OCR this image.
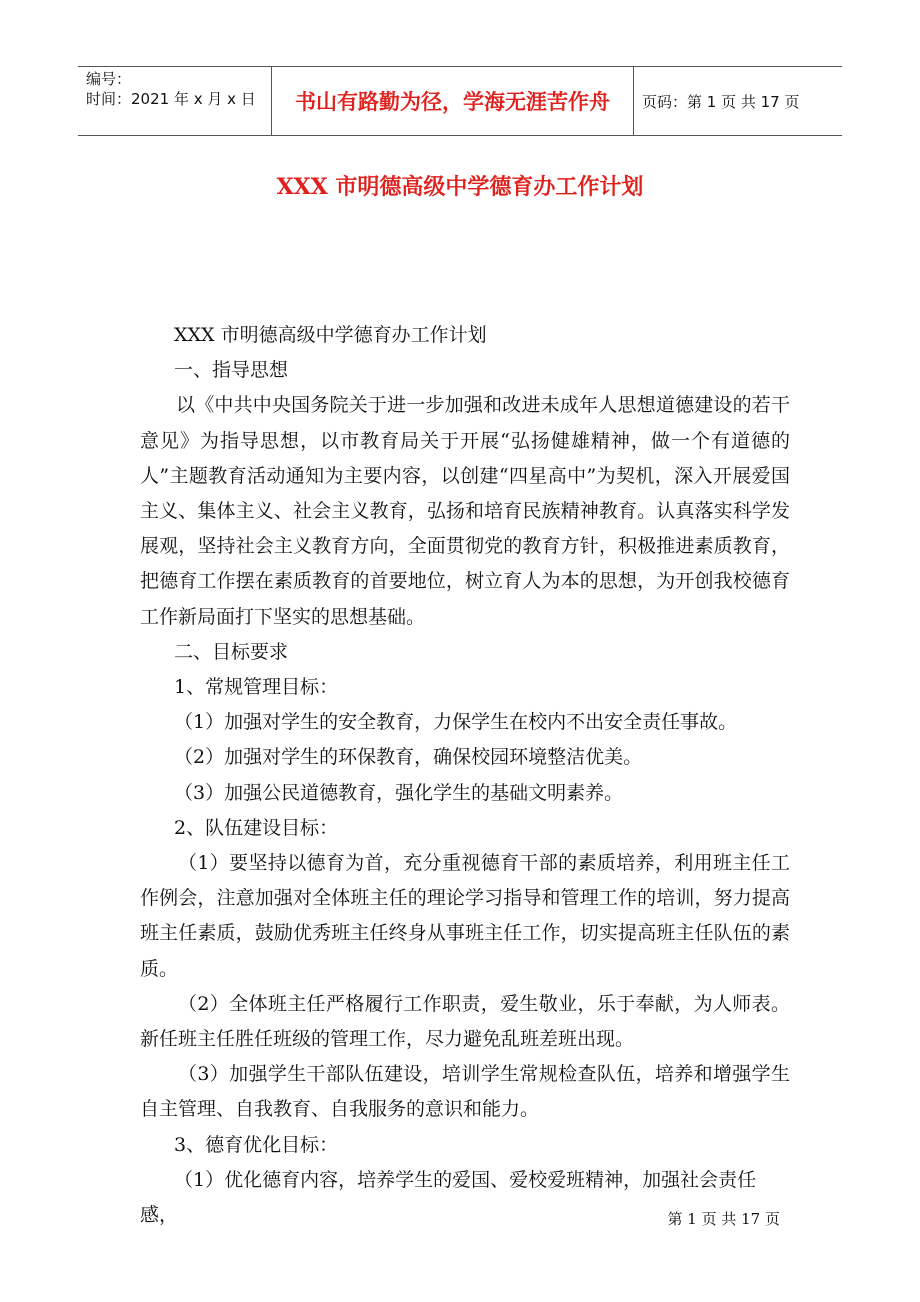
编号：
时间：2021 年 x 月 x 日	书山有路勤为径，学海无涯苦作舟	页码：第 1 页 共 17 页
XXX 市明德高级中学德育办工作计划

XXX 市明德高级中学德育办工作计划

一、指导思想

以《中共中央国务院关于进一步加强和改进未成年人思想道德建设的若干意见》为指导思想，以市教育局关于开展“弘扬健雄精神，做一个有道德的人”主题教育活动通知为主要内容，以创建“四星高中”为契机，深入开展爱国主义、集体主义、社会主义教育，弘扬和培育民族精神教育。认真落实科学发展观，坚持社会主义教育方向，全面贯彻党的教育方针，积极推进素质教育，把德育工作摆在素质教育的首要地位，树立育人为本的思想，为开创我校德育工作新局面打下坚实的思想基础。

二、目标要求

1、常规管理目标：

（1）加强对学生的安全教育，力保学生在校内不出安全责任事故。

（2）加强对学生的环保教育，确保校园环境整洁优美。

（3）加强公民道德教育，强化学生的基础文明素养。

2、队伍建设目标：

（1）要坚持以德育为首，充分重视德育干部的素质培养，利用班主任工作例会，注意加强对全体班主任的理论学习指导和管理工作的培训，努力提高班主任素质，鼓励优秀班主任终身从事班主任工作，切实提高班主任队伍的素质。

（2）全体班主任严格履行工作职责，爱生敬业，乐于奉献，为人师表。新任班主任胜任班级的管理工作，尽力避免乱班差班出现。

（3）加强学生干部队伍建设，培训学生常规检查队伍，培养和增强学生自主管理、自我教育、自我服务的意识和能力。

3、德育优化目标：

（1）优化德育内容，培养学生的爱国、爱校爱班精神，加强社会责任感，	第 1 页 共 17 页
